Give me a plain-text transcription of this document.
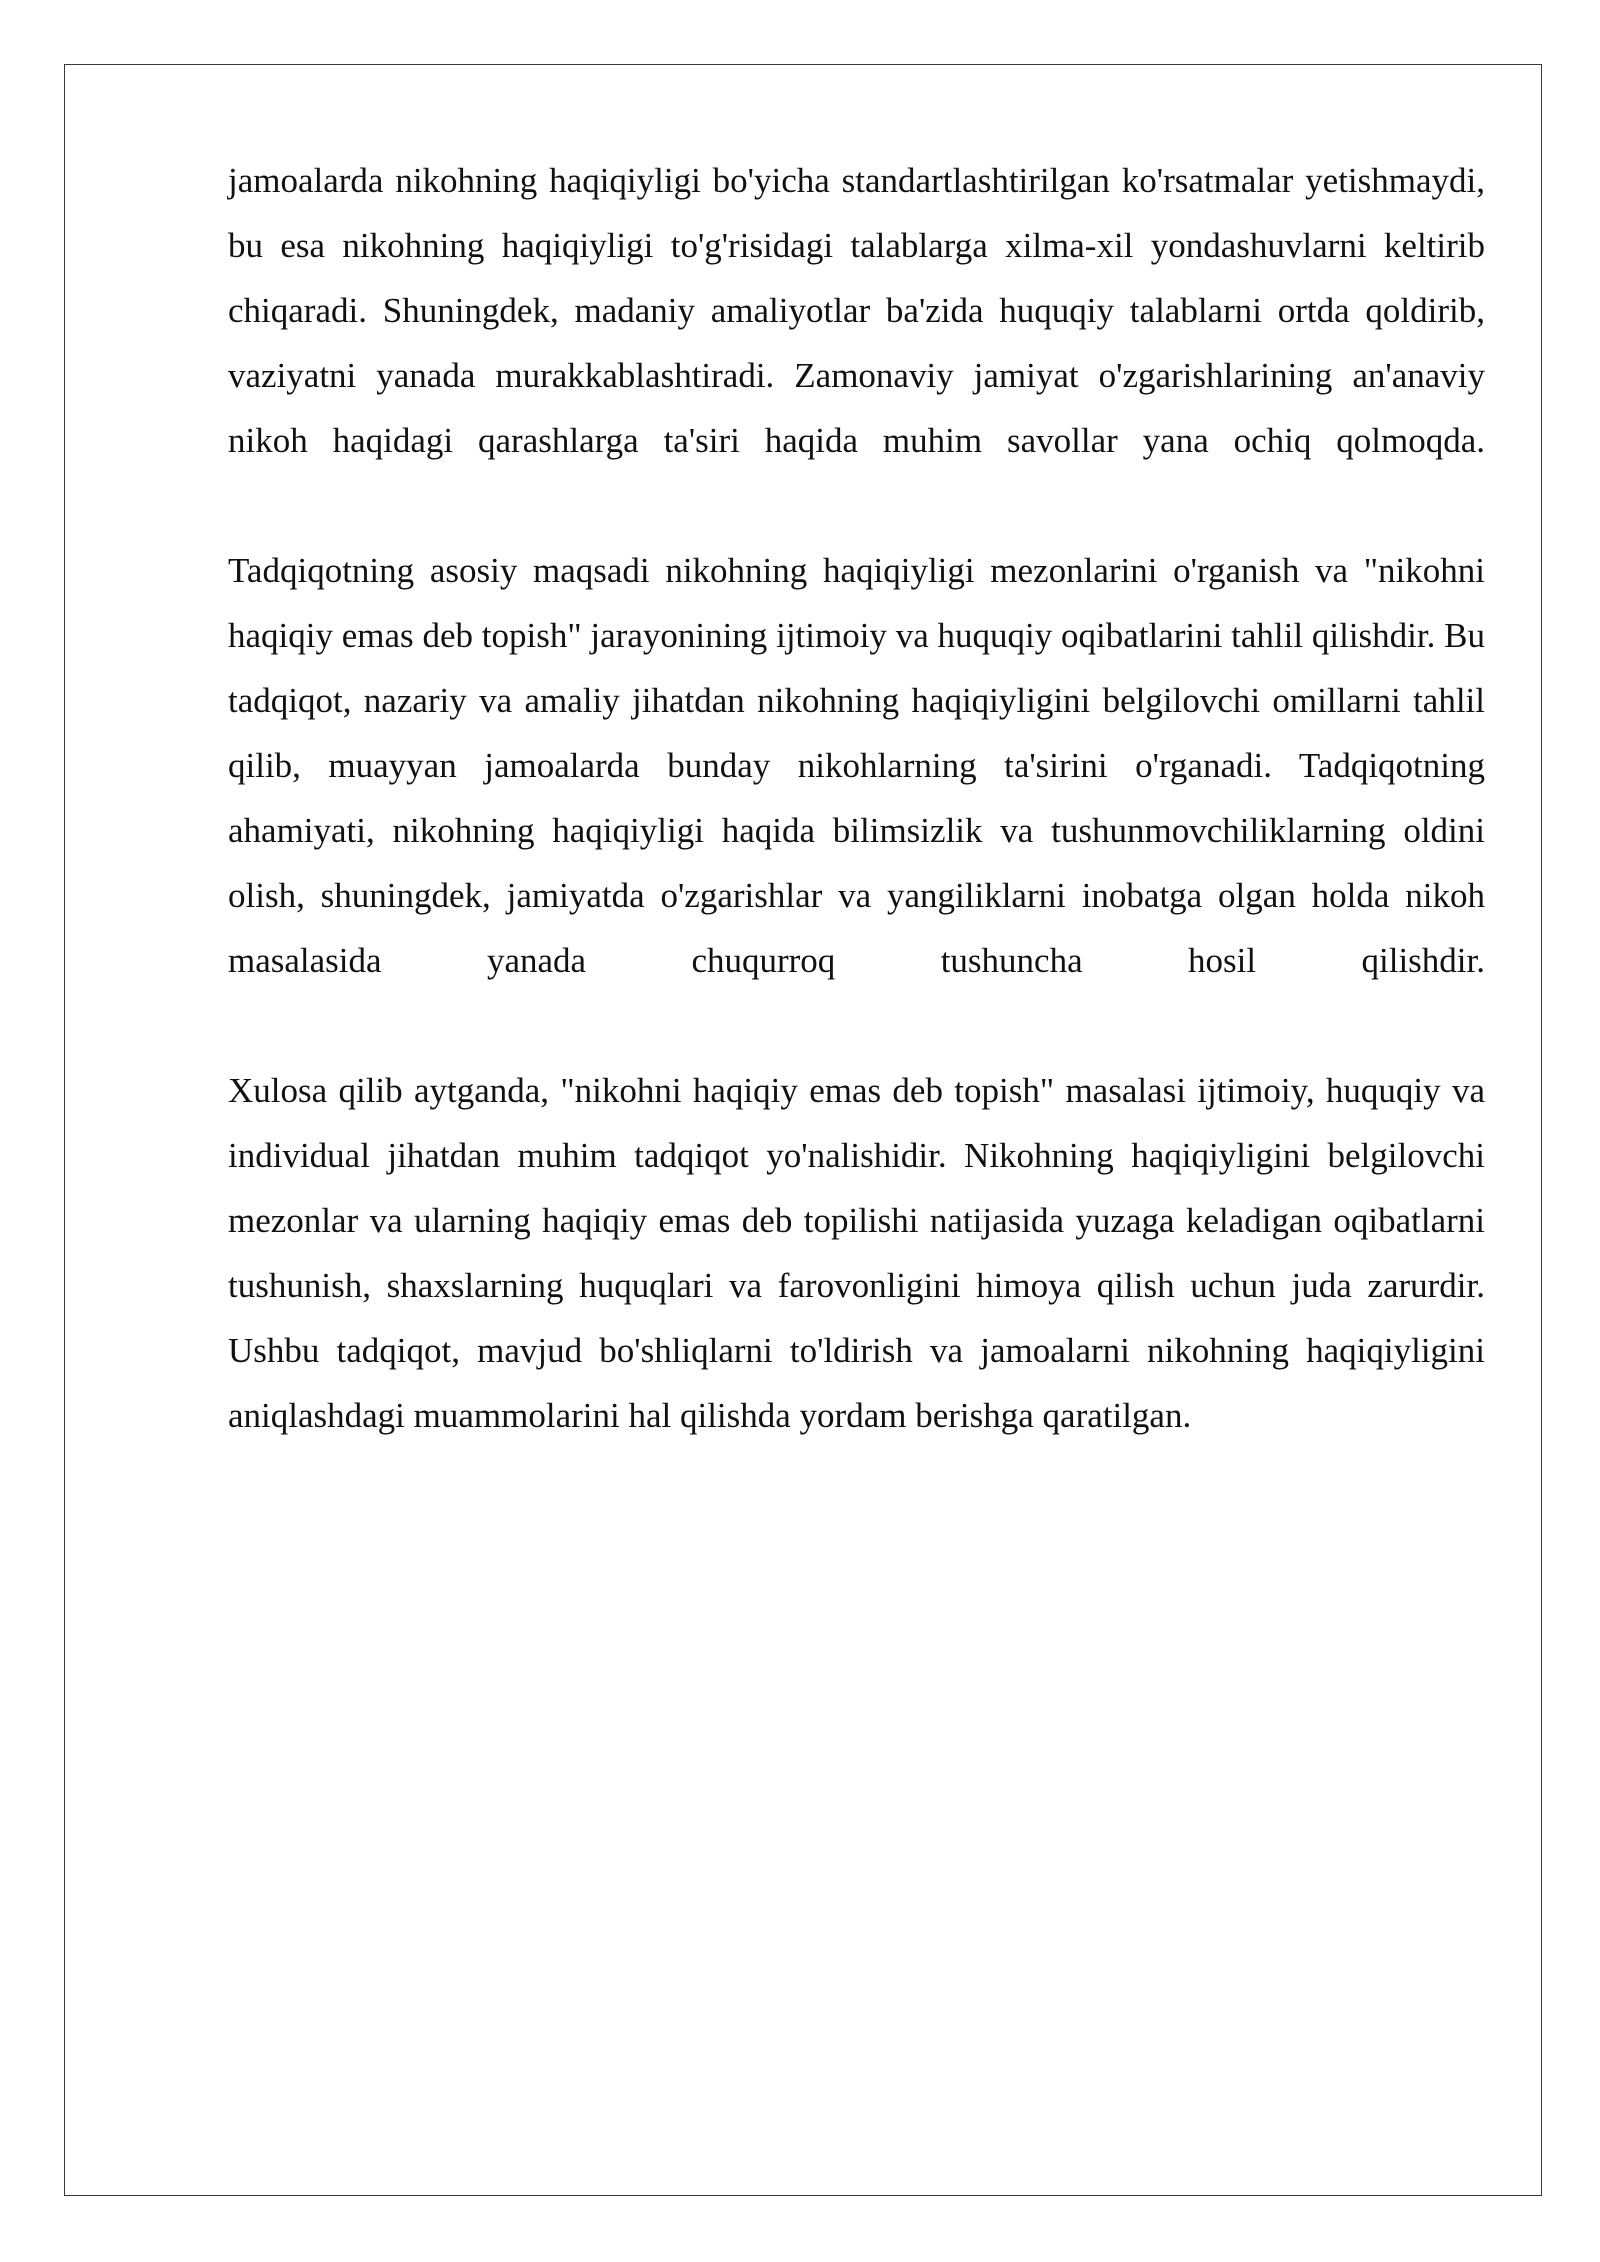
jamoalarda nikohning haqiqiyligi bo'yicha standartlashtirilgan ko'rsatmalar yetishmaydi, bu esa nikohning haqiqiyligi to'g'risidagi talablarga xilma-xil yondashuvlarni keltirib chiqaradi. Shuningdek, madaniy amaliyotlar ba'zida huquqiy talablarni ortda qoldirib, vaziyatni yanada murakkablashtiradi. Zamonaviy jamiyat o'zgarishlarining an'anaviy nikoh haqidagi qarashlarga ta'siri haqida muhim savollar yana ochiq qolmoqda.

Tadqiqotning asosiy maqsadi nikohning haqiqiyligi mezonlarini o'rganish va "nikohni haqiqiy emas deb topish" jarayonining ijtimoiy va huquqiy oqibatlarini tahlil qilishdir. Bu tadqiqot, nazariy va amaliy jihatdan nikohning haqiqiyligini belgilovchi omillarni tahlil qilib, muayyan jamoalarda bunday nikohlarning ta'sirini o'rganadi. Tadqiqotning ahamiyati, nikohning haqiqiyligi haqida bilimsizlik va tushunmovchiliklarning oldini olish, shuningdek, jamiyatda o'zgarishlar va yangiliklarni inobatga olgan holda nikoh masalasida yanada chuqurroq tushuncha hosil qilishdir.

Xulosa qilib aytganda, "nikohni haqiqiy emas deb topish" masalasi ijtimoiy, huquqiy va individual jihatdan muhim tadqiqot yo'nalishidir. Nikohning haqiqiyligini belgilovchi mezonlar va ularning haqiqiy emas deb topilishi natijasida yuzaga keladigan oqibatlarni tushunish, shaxslarning huquqlari va farovonligini himoya qilish uchun juda zarurdir. Ushbu tadqiqot, mavjud bo'shliqlarni to'ldirish va jamoalarni nikohning haqiqiyligini aniqlashdagi muammolarini hal qilishda yordam berishga qaratilgan.
